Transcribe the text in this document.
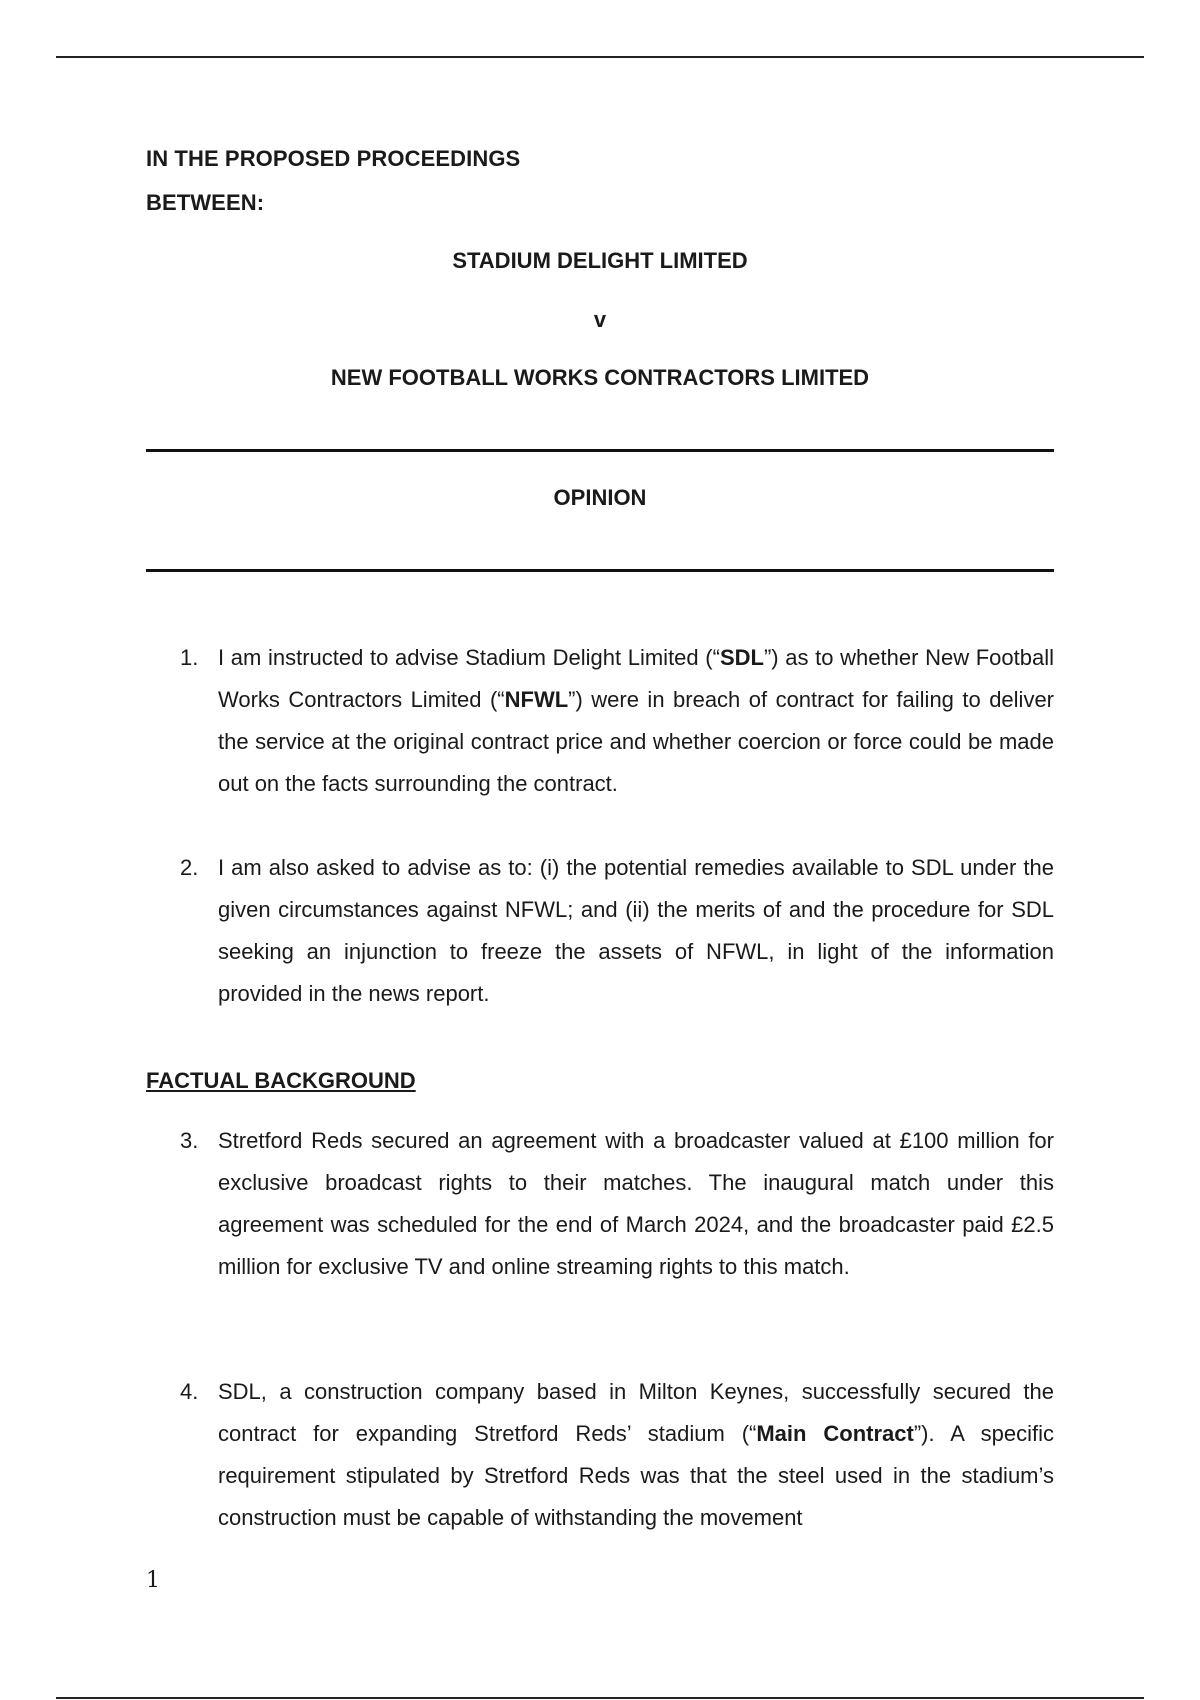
IN THE PROPOSED PROCEEDINGS
BETWEEN:
STADIUM DELIGHT LIMITED
v
NEW FOOTBALL WORKS CONTRACTORS LIMITED
OPINION
1. I am instructed to advise Stadium Delight Limited (“SDL”) as to whether New Football Works Contractors Limited (“NFWL”) were in breach of contract for failing to deliver the service at the original contract price and whether coercion or force could be made out on the facts surrounding the contract.
2. I am also asked to advise as to: (i) the potential remedies available to SDL under the given circumstances against NFWL; and (ii) the merits of and the procedure for SDL seeking an injunction to freeze the assets of NFWL, in light of the information provided in the news report.
FACTUAL BACKGROUND
3. Stretford Reds secured an agreement with a broadcaster valued at £100 million for exclusive broadcast rights to their matches. The inaugural match under this agreement was scheduled for the end of March 2024, and the broadcaster paid £2.5 million for exclusive TV and online streaming rights to this match.
4. SDL, a construction company based in Milton Keynes, successfully secured the contract for expanding Stretford Reds’ stadium (“Main Contract”). A specific requirement stipulated by Stretford Reds was that the steel used in the stadium’s construction must be capable of withstanding the movement
1
